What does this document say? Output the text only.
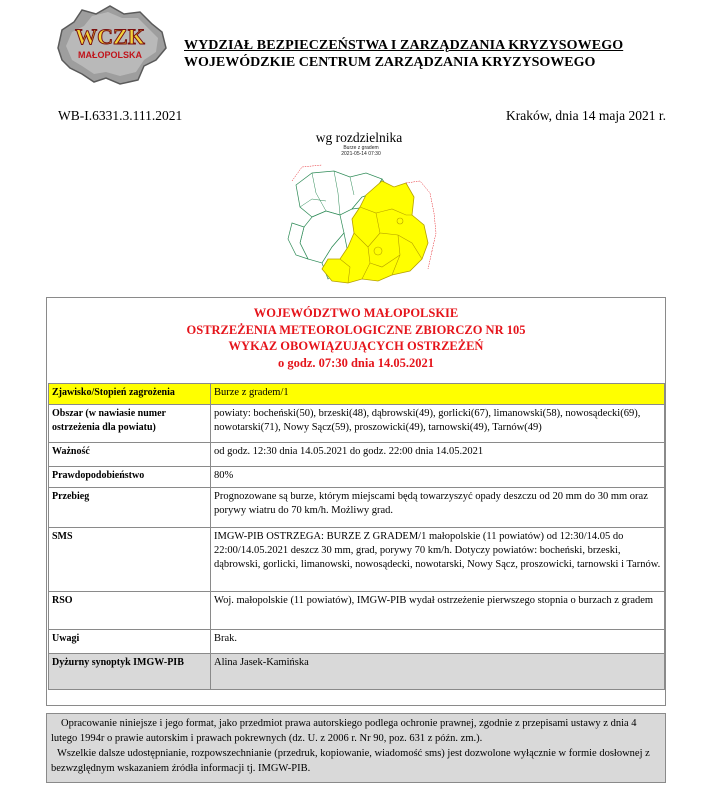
WCZK
MAŁOPOLSKA
WYDZIAŁ BEZPIECZEŃSTWA I ZARZĄDZANIA KRYZYSOWEGO
WOJEWÓDZKIE CENTRUM ZARZĄDZANIA KRYZYSOWEGO
WB-I.6331.3.111.2021	Kraków, dnia 14 maja 2021 r.
wg rozdzielnika
Burze z gradem
2021-05-14 07:30
WOJEWÓDZTWO MAŁOPOLSKIE
OSTRZEŻENIA METEOROLOGICZNE ZBIORCZO NR 105
WYKAZ OBOWIĄZUJĄCYCH OSTRZEŻEŃ
o godz. 07:30 dnia 14.05.2021
Zjawisko/Stopień zagrożenia	Burze z gradem/1
Obszar (w nawiasie numer ostrzeżenia dla powiatu)	powiaty: bocheński(50), brzeski(48), dąbrowski(49), gorlicki(67), limanowski(58), nowosądecki(69), nowotarski(71), Nowy Sącz(59), proszowicki(49), tarnowski(49), Tarnów(49)
Ważność	od godz. 12:30 dnia 14.05.2021 do godz. 22:00 dnia 14.05.2021
Prawdopodobieństwo	80%
Przebieg	Prognozowane są burze, którym miejscami będą towarzyszyć opady deszczu od 20 mm do 30 mm oraz porywy wiatru do 70 km/h. Możliwy grad.
SMS	IMGW-PIB OSTRZEGA: BURZE Z GRADEM/1 małopolskie (11 powiatów) od 12:30/14.05 do 22:00/14.05.2021 deszcz 30 mm, grad, porywy 70 km/h. Dotyczy powiatów: bocheński, brzeski, dąbrowski, gorlicki, limanowski, nowosądecki, nowotarski, Nowy Sącz, proszowicki, tarnowski i Tarnów.
RSO	Woj. małopolskie (11 powiatów), IMGW-PIB wydał ostrzeżenie pierwszego stopnia o burzach z gradem
Uwagi	Brak.
Dyżurny synoptyk IMGW-PIB	Alina Jasek-Kamińska

Opracowanie niniejsze i jego format, jako przedmiot prawa autorskiego podlega ochronie prawnej, zgodnie z przepisami ustawy z dnia 4 lutego 1994r o prawie autorskim i prawach pokrewnych (dz. U. z 2006 r. Nr 90, poz. 631 z późn. zm.).

Wszelkie dalsze udostępnianie, rozpowszechnianie (przedruk, kopiowanie, wiadomość sms) jest dozwolone wyłącznie w formie dosłownej z bezwzględnym wskazaniem źródła informacji tj. IMGW-PIB.
